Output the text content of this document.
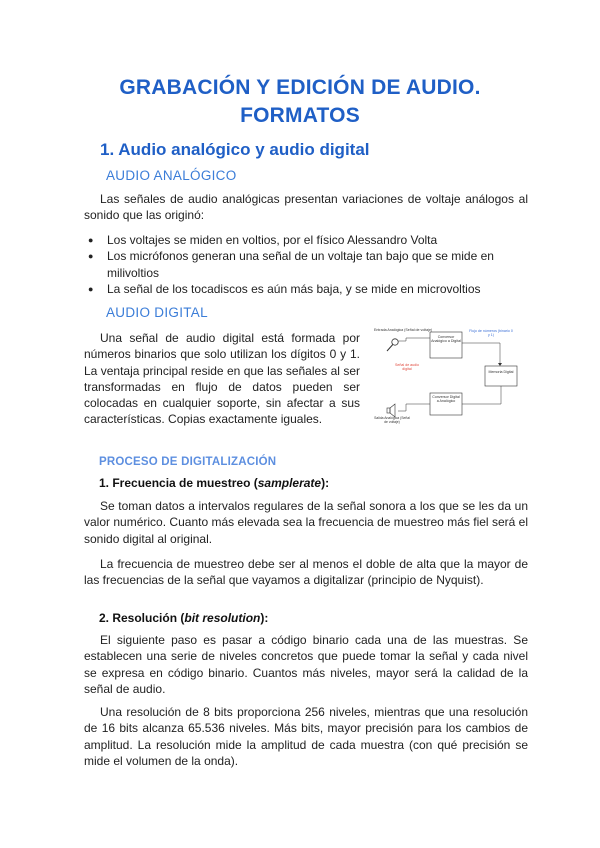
GRABACIÓN Y EDICIÓN DE AUDIO.
FORMATOS
1. Audio analógico y audio digital
AUDIO ANALÓGICO
Las señales de audio analógicas presentan variaciones de voltaje análogos al sonido que las originó:
● Los voltajes se miden en voltios, por el físico Alessandro Volta
● Los micrófonos generan una señal de un voltaje tan bajo que se mide en milivoltios
● La señal de los tocadiscos es aún más baja, y se mide en microvoltios
AUDIO DIGITAL
Una señal de audio digital está formada por números binarios que solo utilizan los dígitos 0 y 1. La ventaja principal reside en que las señales al ser transformadas en flujo de datos pueden ser colocadas en cualquier soporte, sin afectar a sus características. Copias exactamente iguales.
Entrada Analógica (Señal de voltaje)
Conversor Analógico a Digital
Flujo de números (binario 0 y 1)
Memoria Digital
Señal de audio digital
Conversor Digital a Analógico
Salida Analógica (Señal de voltaje)
PROCESO DE DIGITALIZACIÓN
1. Frecuencia de muestreo (samplerate):
Se toman datos a intervalos regulares de la señal sonora a los que se les da un valor numérico. Cuanto más elevada sea la frecuencia de muestreo más fiel será el sonido digital al original.
La frecuencia de muestreo debe ser al menos el doble de alta que la mayor de las frecuencias de la señal que vayamos a digitalizar (principio de Nyquist).
2. Resolución (bit resolution):
El siguiente paso es pasar a código binario cada una de las muestras. Se establecen una serie de niveles concretos que puede tomar la señal y cada nivel se expresa en código binario. Cuantos más niveles, mayor será la calidad de la señal de audio.
Una resolución de 8 bits proporciona 256 niveles, mientras que una resolución de 16 bits alcanza 65.536 niveles. Más bits, mayor precisión para los cambios de amplitud. La resolución mide la amplitud de cada muestra (con qué precisión se mide el volumen de la onda).
